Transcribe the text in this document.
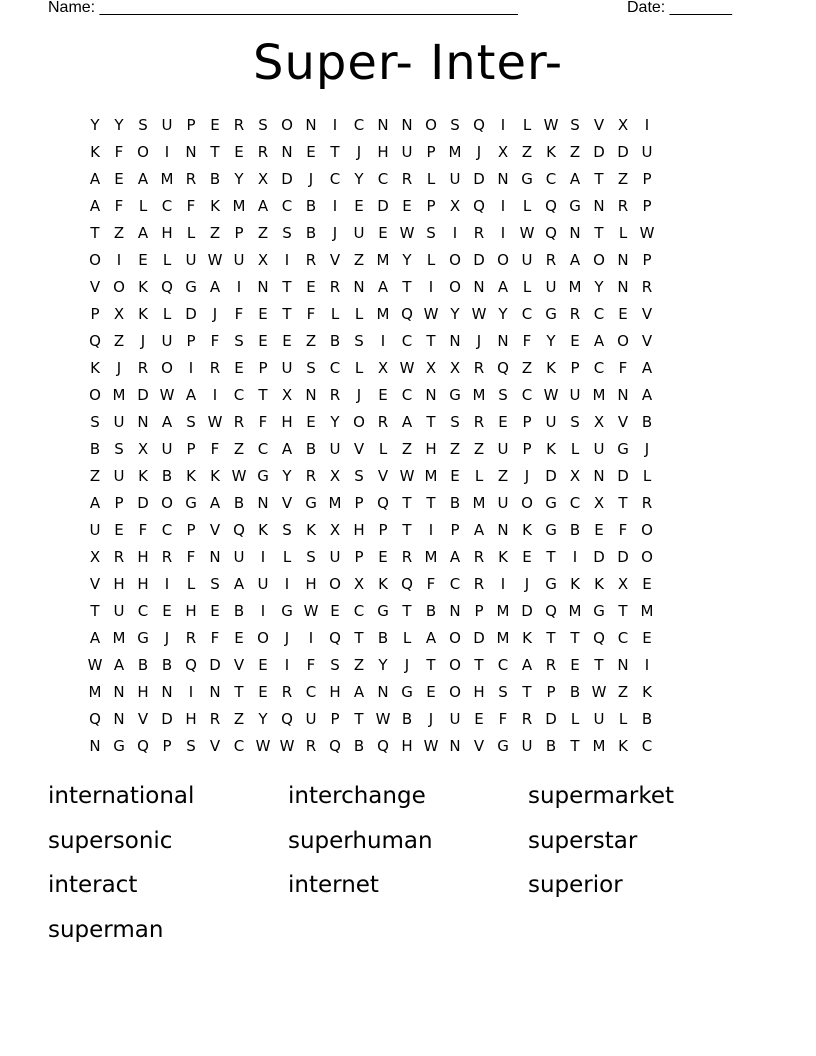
Name: _______________________________________________	Date: _______
Super- Inter-
Y Y S U P E R S O N	I	C N N O S Q	I	L W S V X	I
K F O	I	N T E R N E T	J	H U P M	J	X Z K Z D D U
A E A M R B Y X D	J	C Y C R L U D N G C A T Z P
A F	L C F K M A C B	I	E D E P X Q	I	L Q G N R P
T Z A H L Z P Z S B	J	U E W S	I	R	I W Q N T	L W
O	I	E	L U W U X	I	R V Z M Y	L O D O U R A O N P
V O K Q G A	I	N T E R N A T	I	O N A L U M Y N R
P X K L D	J	F E T	F	L	L M Q W Y W Y C G R C E V
Q Z	J	U P	F S E E Z B S	I	C T N	J	N F	Y E A O V
K	J	R O	I	R E P U S C L X W X X R Q Z K P C F A
O M D W A	I	C T X N R	J	E C N G M S C W U M N A
S U N A S W R F H E Y O R A T S R E P U S X V B
B S X U P	F Z C A B U V L Z H Z Z U P K L U G	J
Z U K B K K W G Y R X S V W M E	L Z	J	D X N D L
A P D O G A B N V G M P Q T T B M U O G C X T R
U E F C P V Q K S K X H P T	I	P A N K G B E F O
X R H R F N U	I	L	S U P E R M A R K E T	I	D D O
V H H	I	L	S A U	I	H O X K Q F C R	I	J	G K K X E
T U C E H E B	I	G W E C G T B N P M D Q M G T M
A M G	J	R F E O	J	I	Q T B L A O D M K T T Q C E
W A B B Q D V E	I	F S Z Y	J	T O T C A R E T N	I
M N H N	I	N T E R C H A N G E O H S T P B W Z K
Q N V D H R Z Y Q U P T W B	J	U E F R D L U L B
N G Q P S V C W W R Q B Q H W N V G U B T M K C
international	interchange	supermarket
supersonic	superhuman	superstar
interact	internet	superior
superman
